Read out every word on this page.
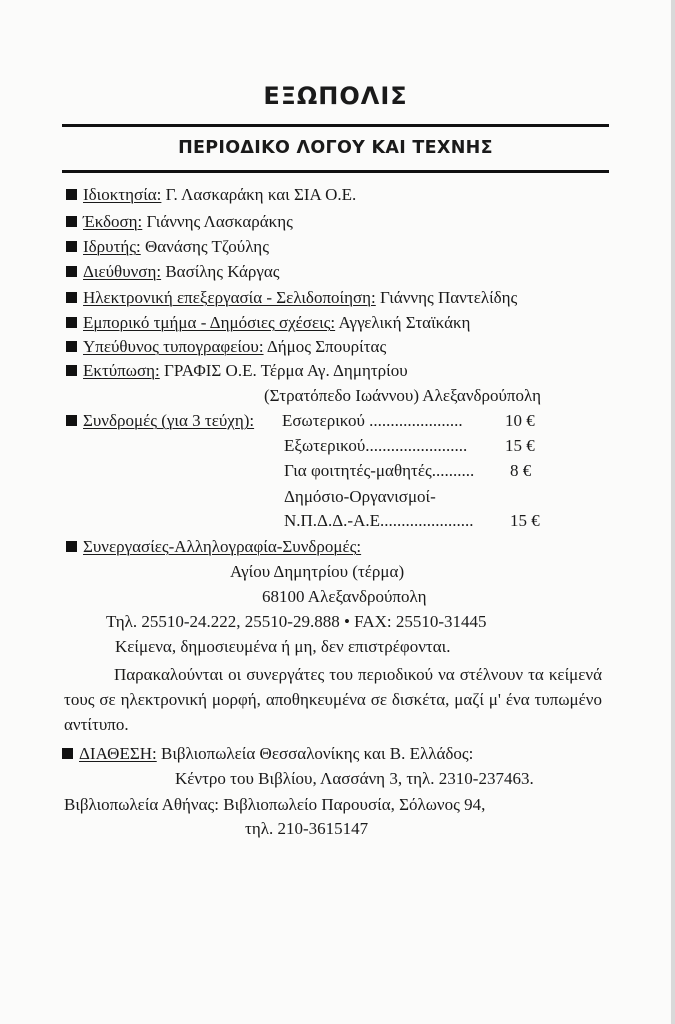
ΕΞΩΠΟΛΙΣ
ΠΕΡΙΟΔΙΚΟ ΛΟΓΟΥ ΚΑΙ ΤΕΧΝΗΣ
Ιδιοκτησία: Γ. Λασκαράκη και ΣΙΑ Ο.Ε.
Έκδοση: Γιάννης Λασκαράκης
Ιδρυτής: Θανάσης Τζούλης
Διεύθυνση: Βασίλης Κάργας
Ηλεκτρονική επεξεργασία - Σελιδοποίηση: Γιάννης Παντελίδης
Εμπορικό τμήμα - Δημόσιες σχέσεις: Αγγελική Σταϊκάκη
Υπεύθυνος τυπογραφείου: Δήμος Σπουρίτας
Εκτύπωση: ΓΡΑΦΙΣ Ο.Ε. Τέρμα Αγ. Δημητρίου
(Στρατόπεδο Ιωάννου) Αλεξανδρούπολη
Συνδρομές (για 3 τεύχη): Εσωτερικού ...................... 10 €
Εξωτερικού........................ 15 €
Για φοιτητές-μαθητές.......... 8 €
Δημόσιο-Οργανισμοί-
Ν.Π.Δ.Δ.-Α.Ε...................... 15 €
Συνεργασίες-Αλληλογραφία-Συνδρομές:
Αγίου Δημητρίου (τέρμα)
68100 Αλεξανδρούπολη
Τηλ. 25510-24.222, 25510-29.888 • FAX: 25510-31445
Κείμενα, δημοσιευμένα ή μη, δεν επιστρέφονται.
Παρακαλούνται οι συνεργάτες του περιοδικού να στέλνουν τα κείμενά τους σε ηλεκτρονική μορφή, αποθηκευμένα σε δισκέτα, μαζί μ' ένα τυπωμένο αντίτυπο.
ΔΙΑΘΕΣΗ: Βιβλιοπωλεία Θεσσαλονίκης και Β. Ελλάδος:
Κέντρο του Βιβλίου, Λασσάνη 3, τηλ. 2310-237463.
Βιβλιοπωλεία Αθήνας: Βιβλιοπωλείο Παρουσία, Σόλωνος 94,
τηλ. 210-3615147
